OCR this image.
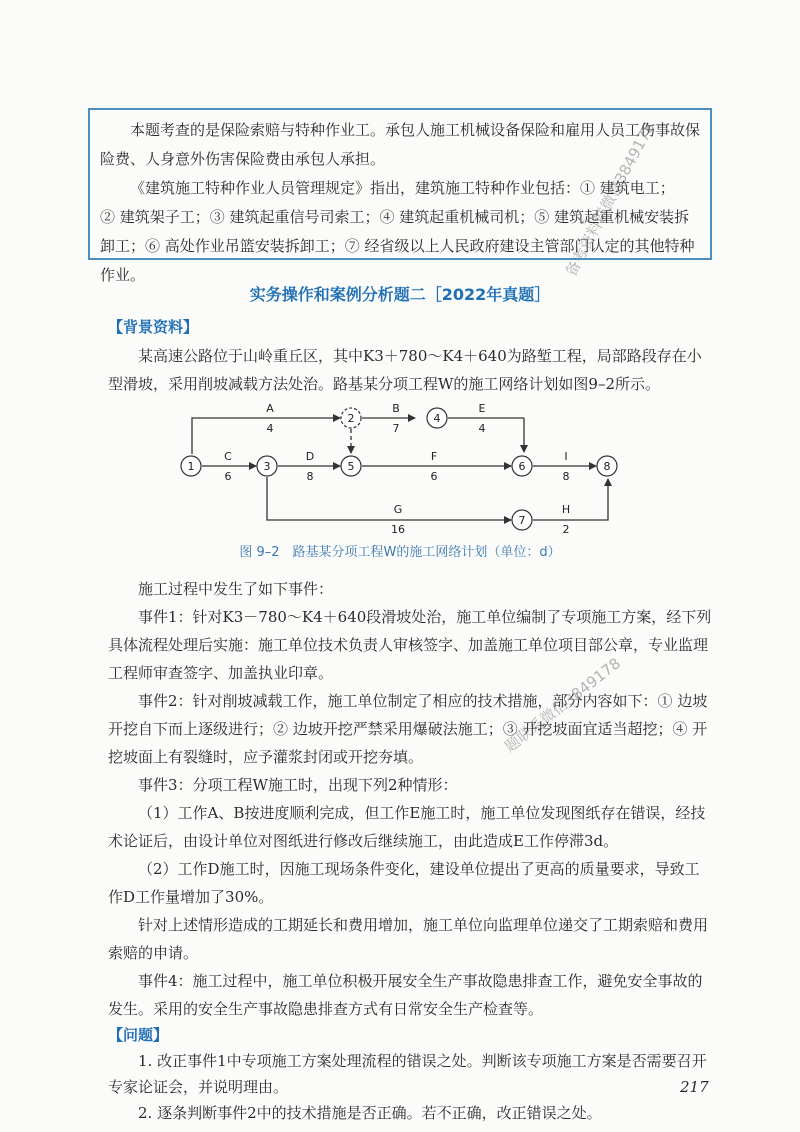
本题考查的是保险索赔与特种作业工。承包人施工机械设备保险和雇用人员工伤事故保险费、人身意外伤害保险费由承包人承担。

《建筑施工特种作业人员管理规定》指出，建筑施工特种作业包括：① 建筑电工；

② 建筑架子工；③ 建筑起重信号司索工；④ 建筑起重机械司机；⑤ 建筑起重机械安装拆卸工；⑥ 高处作业吊篮安装拆卸工；⑦ 经省级以上人民政府建设主管部门认定的其他特种作业。

实务操作和案例分析题二［2022年真题］
【背景资料】

某高速公路位于山岭重丘区，其中K3＋780～K4＋640为路堑工程，局部路段存在小型滑坡，采用削坡减载方法处治。路基某分项工程W的施工网络计划如图9–2所示。

1
2
3
4
5	6
7
8
A
4
B
7
E
4
C
6
D
8
F
6
I
8
G
16
H
2
图 9–2　路基某分项工程W的施工网络计划（单位：d）

施工过程中发生了如下事件：

事件1：针对K3－780～K4＋640段滑坡处治，施工单位编制了专项施工方案，经下列具体流程处理后实施：施工单位技术负责人审核签字、加盖施工单位项目部公章，专业监理工程师审查签字、加盖执业印章。

事件2：针对削坡减载工作，施工单位制定了相应的技术措施，部分内容如下：① 边坡开挖自下而上逐级进行；② 边坡开挖严禁采用爆破法施工；③ 开挖坡面宜适当超挖；④ 开挖坡面上有裂缝时，应予灌浆封闭或开挖夯填。

事件3：分项工程W施工时，出现下列2种情形：

（1）工作A、B按进度顺利完成，但工作E施工时，施工单位发现图纸存在错误，经技术论证后，由设计单位对图纸进行修改后继续施工，由此造成E工作停滞3d。

（2）工作D施工时，因施工现场条件变化，建设单位提出了更高的质量要求，导致工作D工作量增加了30%。

针对上述情形造成的工期延长和费用增加，施工单位向监理单位递交了工期索赔和费用索赔的申请。

事件4：施工过程中，施工单位积极开展安全生产事故隐患排查工作，避免安全事故的发生。采用的安全生产事故隐患排查方式有日常安全生产检查等。

【问题】

1. 改正事件1中专项施工方案处理流程的错误之处。判断该专项施工方案是否需要召开专家论证会，并说明理由。

2. 逐条判断事件2中的技术措施是否正确。若不正确，改正错误之处。

备考资料群微信3849178
题联系微信3849178
217
